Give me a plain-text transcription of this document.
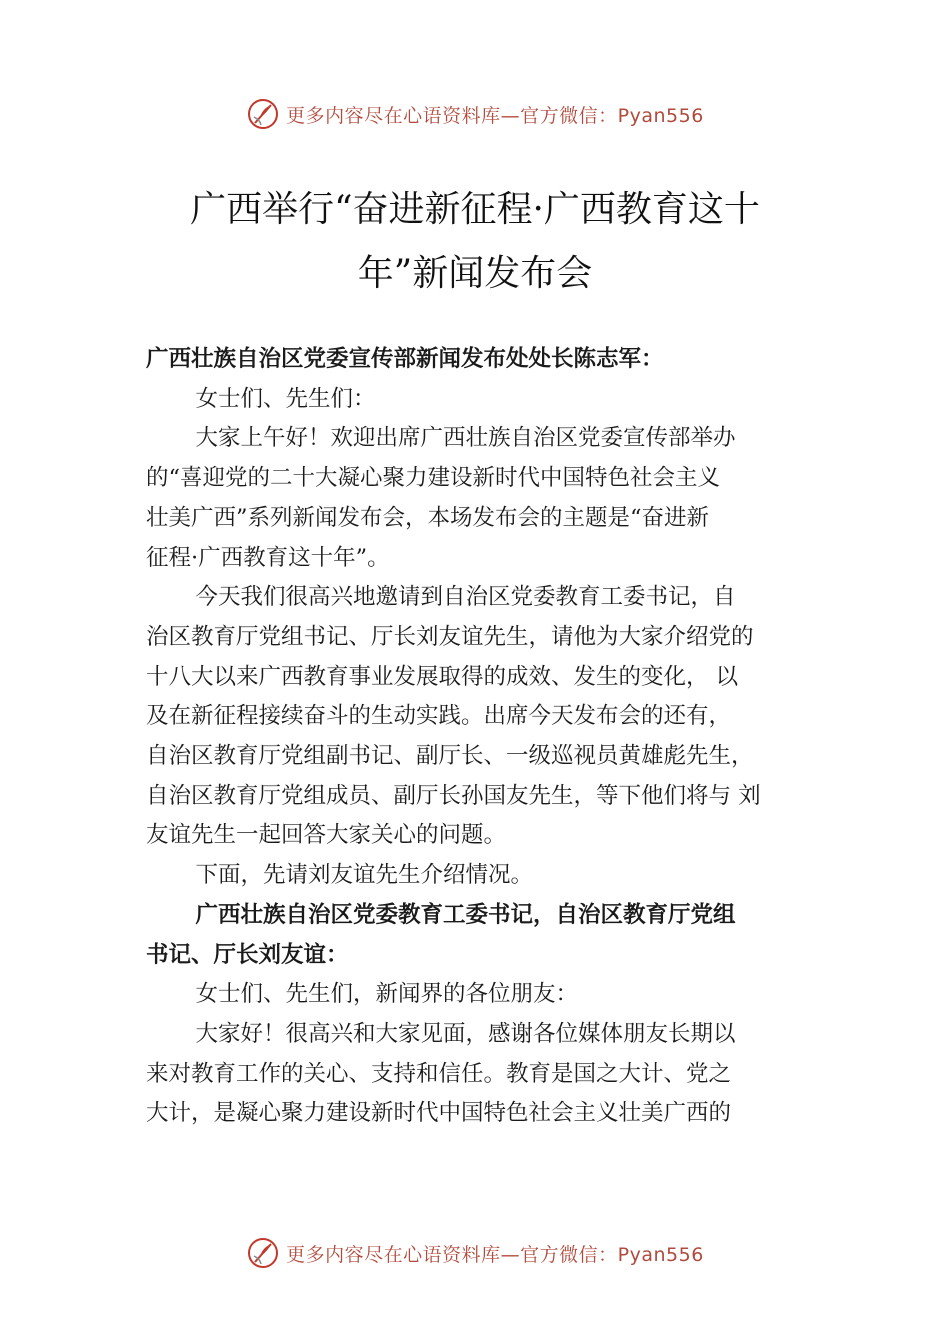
更多内容尽在心语资料库—官方微信：Pyan556
广西举行“奋进新征程·广西教育这十
年”新闻发布会

广西壮族自治区党委宣传部新闻发布处处长陈志军：

女士们、先生们：

大家上午好！欢迎出席广西壮族自治区党委宣传部举办
的“喜迎党的二十大凝心聚力建设新时代中国特色社会主义
壮美广西”系列新闻发布会，本场发布会的主题是“奋进新
征程·广西教育这十年”。

今天我们很高兴地邀请到自治区党委教育工委书记，自
治区教育厅党组书记、厅长刘友谊先生，请他为大家介绍党的
十八大以来广西教育事业发展取得的成效、发生的变化， 以
及在新征程接续奋斗的生动实践。出席今天发布会的还有，
自治区教育厅党组副书记、副厅长、一级巡视员黄雄彪先生，
自治区教育厅党组成员、副厅长孙国友先生，等下他们将与 刘
友谊先生一起回答大家关心的问题。

下面，先请刘友谊先生介绍情况。

广西壮族自治区党委教育工委书记，自治区教育厅党组
书记、厅长刘友谊：

女士们、先生们，新闻界的各位朋友：

大家好！很高兴和大家见面，感谢各位媒体朋友长期以
来对教育工作的关心、支持和信任。教育是国之大计、党之
大计，是凝心聚力建设新时代中国特色社会主义壮美广西的

更多内容尽在心语资料库—官方微信：Pyan556
